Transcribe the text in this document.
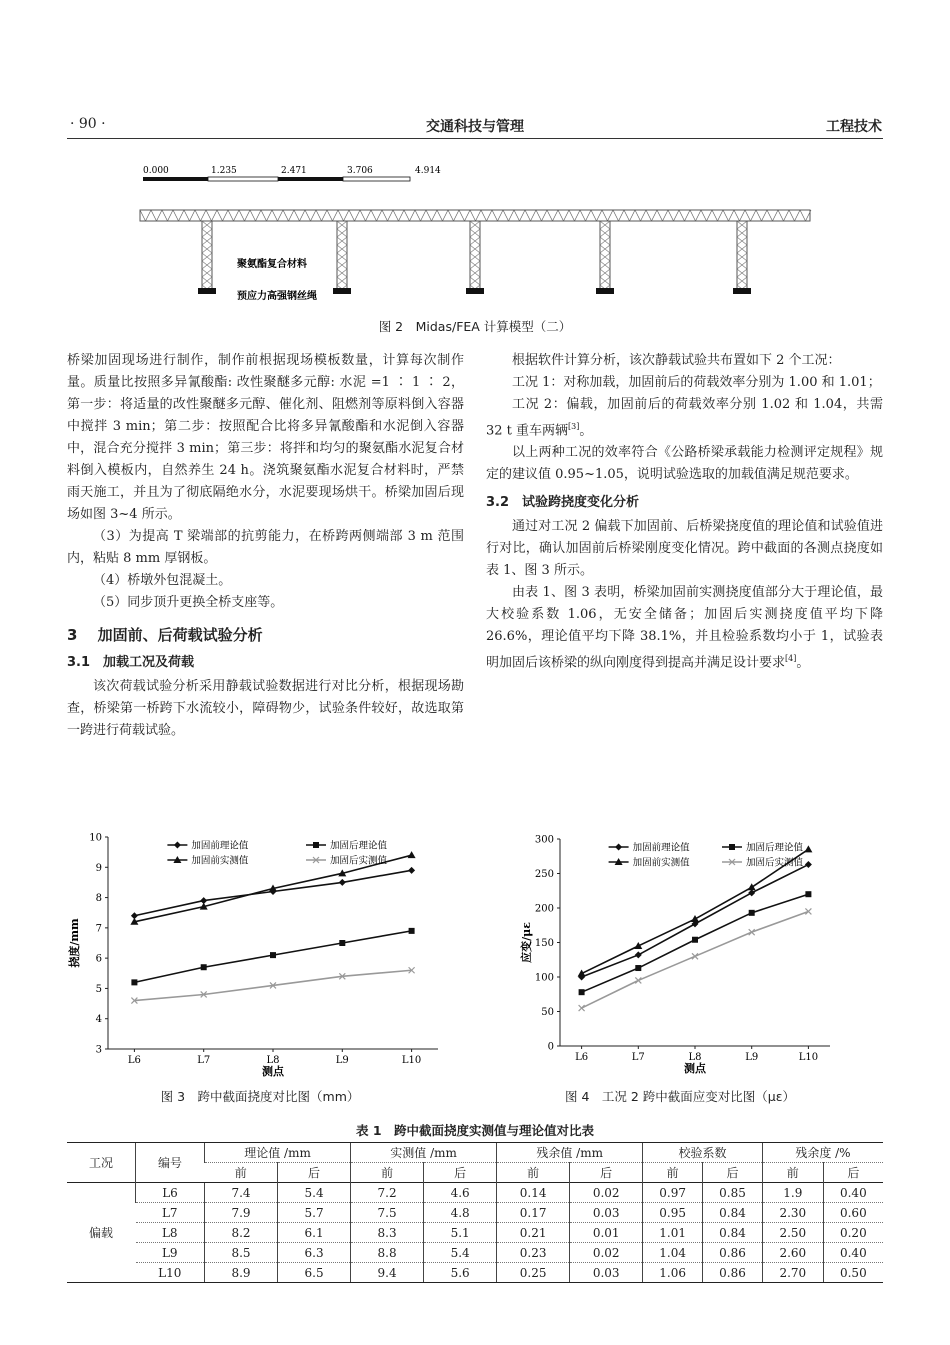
· 90 ·	交通科技与管理	工程技术
0.000	1.235	2.471	3.706	4.914
聚氨酯复合材料
预应力高强钢丝绳
图 2　Midas/FEA 计算模型（二）

桥梁加固现场进行制作，制作前根据现场模板数量，计算每次制作量。质量比按照多异氰酸酯: 改性聚醚多元醇: 水泥 =1 ∶ 1 ∶ 2，第一步：将适量的改性聚醚多元醇、催化剂、阻燃剂等原料倒入容器中搅拌 3 min；第二步：按照配合比将多异氰酸酯和水泥倒入容器中，混合充分搅拌 3 min；第三步：将拌和均匀的聚氨酯水泥复合材料倒入模板内，自然养生 24 h。浇筑聚氨酯水泥复合材料时，严禁雨天施工，并且为了彻底隔绝水分，水泥要现场烘干。桥梁加固后现场如图 3~4 所示。

（3）为提高 T 梁端部的抗剪能力，在桥跨两侧端部 3 m 范围内，粘贴 8 mm 厚钢板。

（4）桥墩外包混凝土。

（5）同步顶升更换全桥支座等。

3　 加固前、后荷载试验分析

3.1　加载工况及荷载

该次荷载试验分析采用静载试验数据进行对比分析，根据现场勘查，桥梁第一桥跨下水流较小，障碍物少，试验条件较好，故选取第一跨进行荷载试验。

根据软件计算分析，该次静载试验共布置如下 2 个工况：

工况 1：对称加载，加固前后的荷载效率分别为 1.00 和 1.01；

工况 2：偏载，加固前后的荷载效率分别 1.02 和 1.04，共需 32 t 重车两辆[3]。

以上两种工况的效率符合《公路桥梁承载能力检测评定规程》规定的建议值 0.95~1.05，说明试验选取的加载值满足规范要求。

3.2　试验跨挠度变化分析

通过对工况 2 偏载下加固前、后桥梁挠度值的理论值和试验值进行对比，确认加固前后桥梁刚度变化情况。跨中截面的各测点挠度如表 1、图 3 所示。

由表 1、图 3 表明，桥梁加固前实测挠度值部分大于理论值，最大校验系数 1.06，无安全储备；加固后实测挠度值平均下降 26.6%，理论值平均下降 38.1%，并且检验系数均小于 1，试验表明加固后该桥梁的纵向刚度得到提高并满足设计要求[4]。

3
4
5
6
7
8
9
10
L6	L7	L8	L9	L10
测点
挠度/mm
加固前理论值	加固后理论值
加固前实测值	加固后实测值
图 3　跨中截面挠度对比图（mm）
0
50
100
150
200
250
300
L6	L7	L8	L9	L10
测点
应变/με
加固前理论值	加固后理论值
加固前实测值	加固后实测值
图 4　工况 2 跨中截面应变对比图（με）
表 1　跨中截面挠度实测值与理论值对比表
工况	编号	理论值 /mm		实测值 /mm		残余值 /mm		校验系数		残余度 /%	
		前	后	前	后	前	后	前	后	前	后
偏载	L6	7.4	5.4	7.2	4.6	0.14	0.02	0.97	0.85	1.9	0.40
	L7	7.9	5.7	7.5	4.8	0.17	0.03	0.95	0.84	2.30	0.60
	L8	8.2	6.1	8.3	5.1	0.21	0.01	1.01	0.84	2.50	0.20
	L9	8.5	6.3	8.8	5.4	0.23	0.02	1.04	0.86	2.60	0.40
	L10	8.9	6.5	9.4	5.6	0.25	0.03	1.06	0.86	2.70	0.50
